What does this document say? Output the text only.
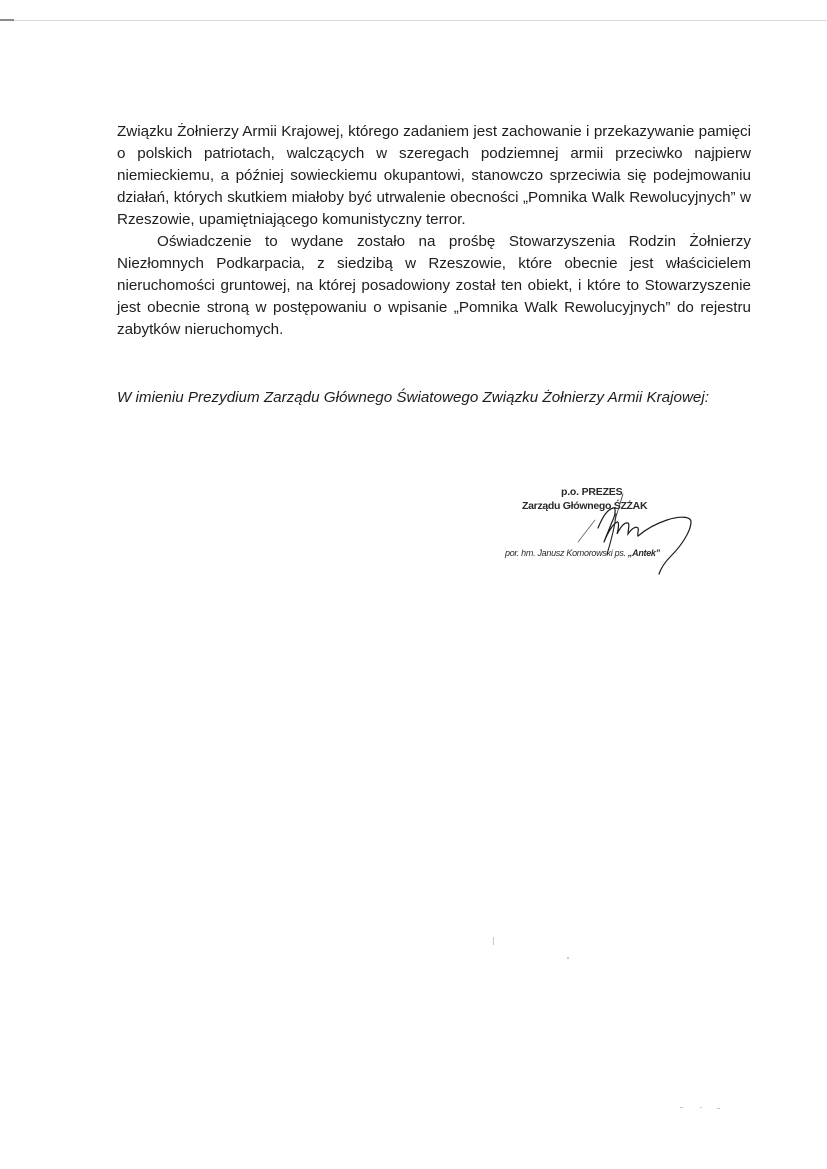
Związku Żołnierzy Armii Krajowej, którego zadaniem jest zachowanie i przekazywanie pamięci o polskich patriotach, walczących w szeregach podziemnej armii przeciwko najpierw niemieckiemu, a później sowieckiemu okupantowi, stanowczo sprzeciwia się podejmowaniu działań, których skutkiem miałoby być utrwalenie obecności „Pomnika Walk Rewolucyjnych” w Rzeszowie, upamiętniającego komunistyczny terror.

Oświadczenie to wydane zostało na prośbę Stowarzyszenia Rodzin Żołnierzy Niezłomnych Podkarpacia, z siedzibą w Rzeszowie, które obecnie jest właścicielem nieruchomości gruntowej, na której posadowiony został ten obiekt, i które to Stowarzyszenie jest obecnie stroną w postępowaniu o wpisanie „Pomnika Walk Rewolucyjnych” do rejestru zabytków nieruchomych.

W imieniu Prezydium Zarządu Głównego Światowego Związku Żołnierzy Armii Krajowej:
p.o. PREZES
Zarządu Głównego ŚZŻAK
por. hm. Janusz Komorowski ps. „Antek”
